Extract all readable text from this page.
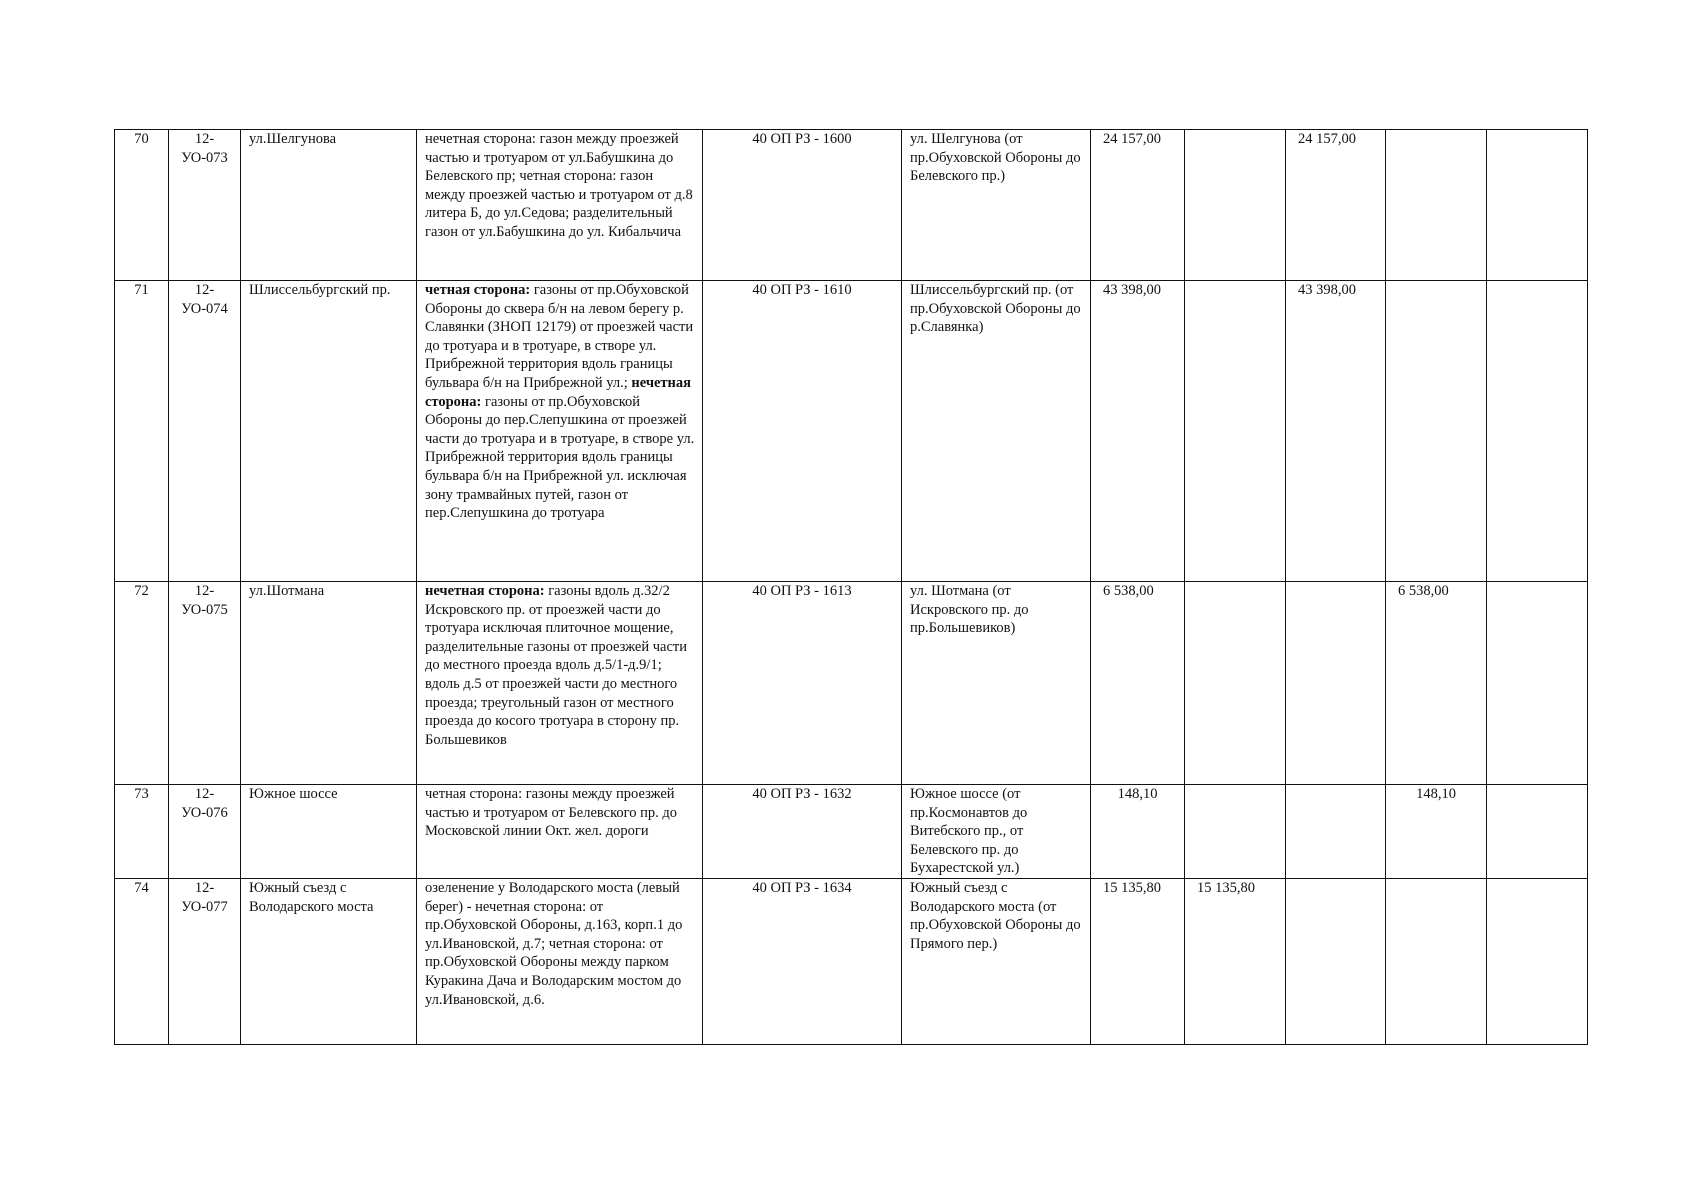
70	12-УО-073	ул.Шелгунова	нечетная сторона: газон между проезжей частью и тротуаром от ул.Бабушкина до Белевского пр; четная сторона: газон между проезжей частью и тротуаром от д.8 литера Б, до ул.Седова; разделительный газон от ул.Бабушкина до ул. Кибальчича	40 ОП РЗ - 1600	ул. Шелгунова (от пр.Обуховской Обороны до Белевского пр.)	24 157,00		24 157,00		
71	12-УО-074	Шлиссельбургский пр.	четная сторона: газоны от пр.Обуховской Обороны до сквера б/н на левом берегу р. Славянки (ЗНОП 12179) от проезжей части до тротуара и в тротуаре, в створе ул. Прибрежной территория вдоль границы бульвара б/н на Прибрежной ул.; нечетная сторона: газоны от пр.Обуховской Обороны до пер.Слепушкина от проезжей части до тротуара и в тротуаре, в створе ул. Прибрежной территория вдоль границы бульвара б/н на Прибрежной ул. исключая зону трамвайных путей, газон от пер.Слепушкина до тротуара	40 ОП РЗ - 1610	Шлиссельбургский пр. (от пр.Обуховской Обороны до р.Славянка)	43 398,00		43 398,00		
72	12-УО-075	ул.Шотмана	нечетная сторона: газоны вдоль д.32/2 Искровского пр. от проезжей части до тротуара исключая плиточное мощение, разделительные газоны от проезжей части до местного проезда вдоль д.5/1-д.9/1; вдоль д.5 от проезжей части до местного проезда; треугольный газон от местного проезда до косого тротуара в сторону пр. Большевиков	40 ОП РЗ - 1613	ул. Шотмана (от Искровского пр. до пр.Большевиков)	6 538,00			6 538,00	
73	12-УО-076	Южное шоссе	четная сторона: газоны между проезжей частью и тротуаром от Белевского пр. до Московской линии Окт. жел. дороги	40 ОП РЗ - 1632	Южное шоссе (от пр.Космонавтов до Витебского пр., от Белевского пр. до Бухарестской ул.)	148,10			148,10	
74	12-УО-077	Южный съезд с Володарского моста	озеленение у Володарского моста (левый берег) - нечетная сторона: от пр.Обуховской Обороны, д.163, корп.1 до ул.Ивановской, д.7; четная сторона: от пр.Обуховской Обороны между парком Куракина Дача и Володарским мостом до ул.Ивановской, д.6.	40 ОП РЗ - 1634	Южный съезд с Володарского моста (от пр.Обуховской Обороны до Прямого пер.)	15 135,80	15 135,80			
